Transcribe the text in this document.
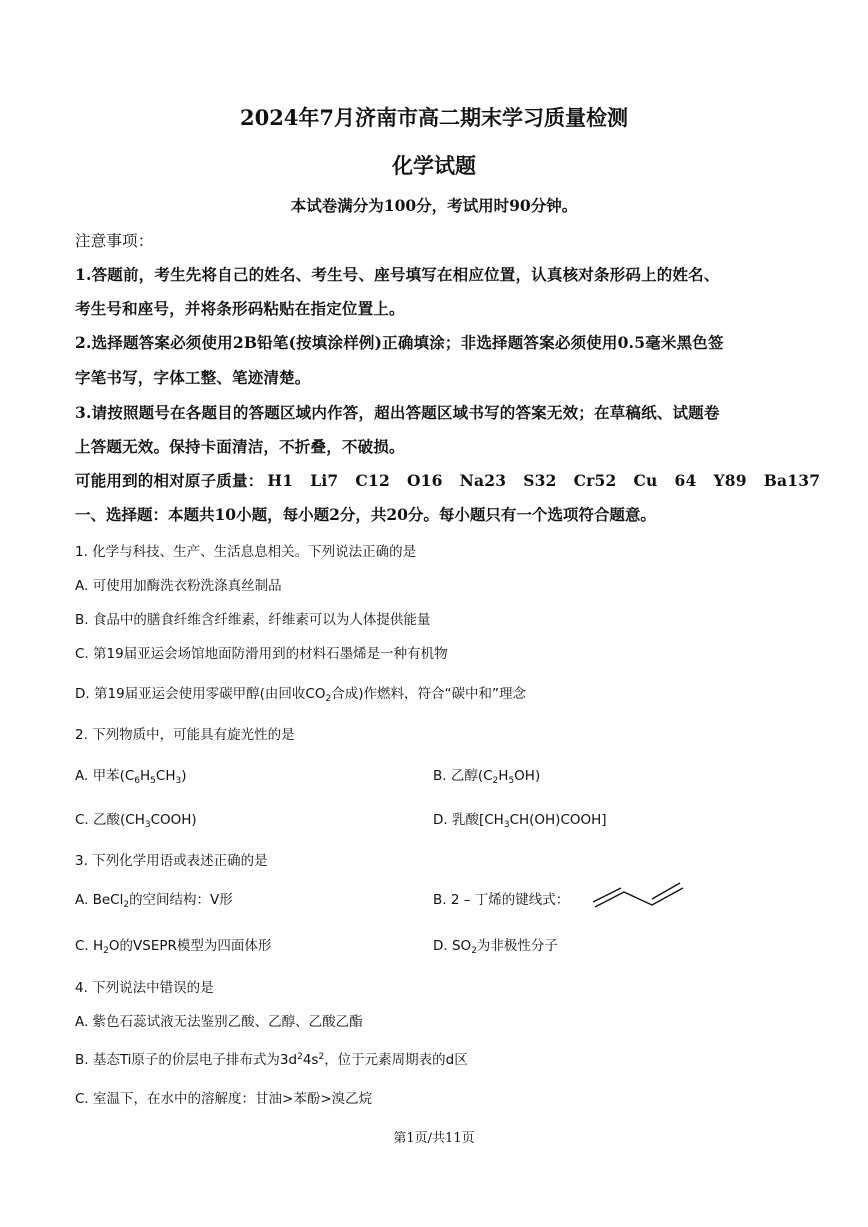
2024年7月济南市高二期末学习质量检测
化学试题
本试卷满分为100分，考试用时90分钟。
注意事项：
1.答题前，考生先将自己的姓名、考生号、座号填写在相应位置，认真核对条形码上的姓名、
考生号和座号，并将条形码粘贴在指定位置上。
2.选择题答案必须使用2B铅笔(按填涂样例)正确填涂；非选择题答案必须使用0.5毫米黑色签
字笔书写，字体工整、笔迹清楚。
3.请按照题号在各题目的答题区域内作答，超出答题区域书写的答案无效；在草稿纸、试题卷
上答题无效。保持卡面清洁，不折叠，不破损。
可能用到的相对原子质量： H1 Li7 C12 O16 Na23 S32 Cr52 Cu 64 Y89 Ba137
一、选择题：本题共10小题，每小题2分，共20分。每小题只有一个选项符合题意。
1. 化学与科技、生产、生活息息相关。下列说法正确的是
A. 可使用加酶洗衣粉洗涤真丝制品
B. 食品中的膳食纤维含纤维素，纤维素可以为人体提供能量
C. 第19届亚运会场馆地面防滑用到的材料石墨烯是一种有机物
D. 第19届亚运会使用零碳甲醇(由回收$CO_2$合成)作燃料，符合“碳中和”理念
2. 下列物质中，可能具有旋光性的是
A. 甲苯$(C_6H_5CH_3)$	B. 乙醇$(C_2H_5OH)$
C. 乙酸$(CH_3COOH)$	D. 乳酸$[CH_3CH(OH)COOH]$
3. 下列化学用语或表述正确的是
A. BeCl$_2$的空间结构：V形	B. 2 – 丁烯的键线式：
C. $H_2O$的VSEPR模型为四面体形	D. $SO_2$为非极性分子
4. 下列说法中错误的是
A. 紫色石蕊试液无法鉴别乙酸、乙醇、乙酸乙酯
B. 基态Ti原子的价层电子排布式为$3d^24s^2$，位于元素周期表的d区
C. 室温下，在水中的溶解度：甘油>苯酚>溴乙烷
第1页/共11页
